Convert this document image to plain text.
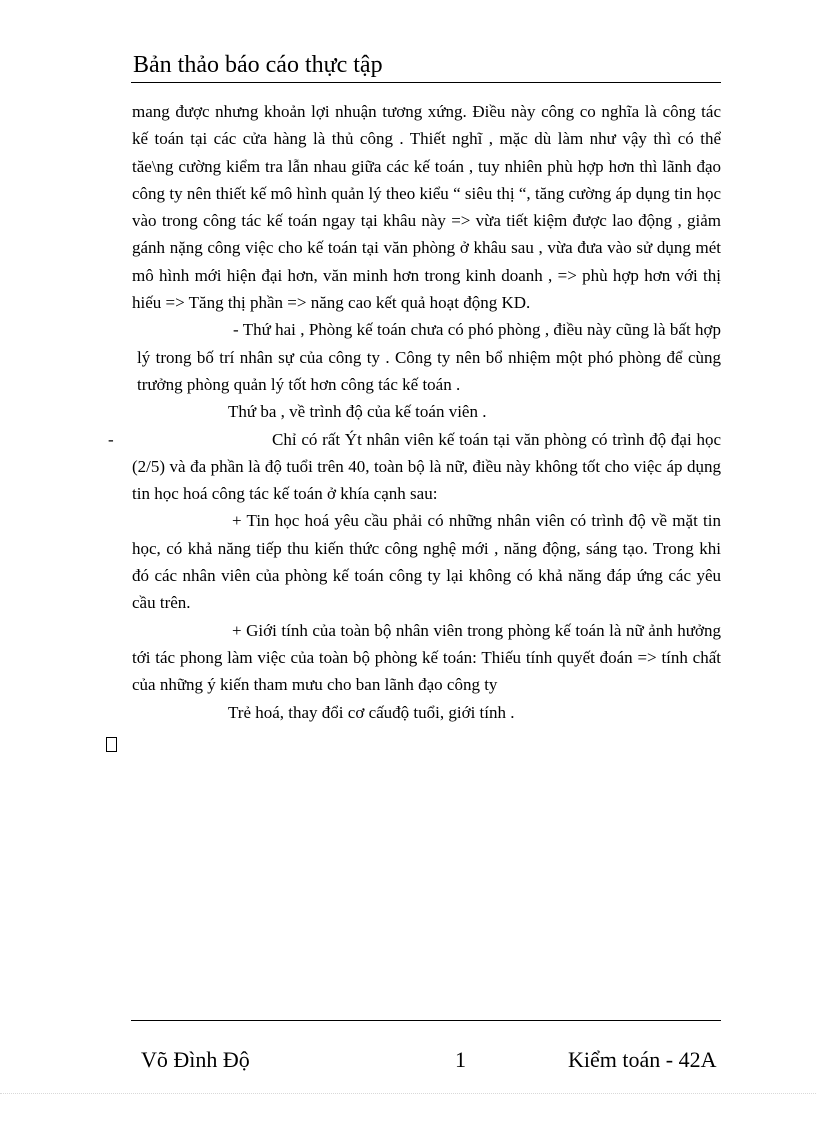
Bản thảo báo cáo thực tập

mang được nhưng khoản lợi nhuận tương xứng. Điều này công co nghĩa là công tác kế toán tại các cửa hàng là thủ công . Thiết nghĩ , mặc dù làm như vậy thì có thể tăe\ng cường kiểm tra lẫn nhau giữa các kế toán , tuy nhiên phù hợp hơn thì lãnh đạo công ty nên thiết kế mô hình quản lý theo kiểu “ siêu thị “, tăng cường áp dụng tin học vào trong công tác kế toán ngay tại khâu này => vừa tiết kiệm được lao động , giảm gánh nặng công việc cho kế toán tại văn phòng ở khâu sau , vừa đưa vào sử dụng mét mô hình mới hiện đại hơn, văn minh hơn trong kinh doanh , => phù hợp hơn với thị hiếu => Tăng thị phần => năng cao kết quả hoạt động KD.

- Thứ hai , Phòng kế toán chưa có phó phòng , điều này cũng là bất hợp lý trong bố trí nhân sự của công ty . Công ty nên bổ nhiệm một phó phòng để cùng trưởng phòng quản lý tốt hơn công tác kế toán .

Thứ ba , về trình độ của kế toán viên .

Chỉ có rất Ýt nhân viên kế toán tại văn phòng có trình độ đại học (2/5) và đa phần là độ tuổi trên 40, toàn bộ là nữ, điều này không tốt cho việc áp dụng tin học hoá công tác kế toán ở khía cạnh sau:

+ Tin học hoá yêu cầu phải có những nhân viên có trình độ về mặt tin học, có khả năng tiếp thu kiến thức công nghệ mới , năng động, sáng tạo. Trong khi đó các nhân viên của phòng kế toán công ty lại không có khả năng đáp ứng các yêu cầu trên.

+ Giới tính của toàn bộ nhân viên trong phòng kế toán là nữ ảnh hưởng tới tác phong làm việc của toàn bộ phòng kế toán: Thiếu tính quyết đoán => tính chất của những ý kiến tham mưu cho ban lãnh đạo công ty

Trẻ hoá, thay đổi cơ cấuđộ tuổi, giới tính .

-
Võ Đình Độ	1	Kiểm toán - 42A
